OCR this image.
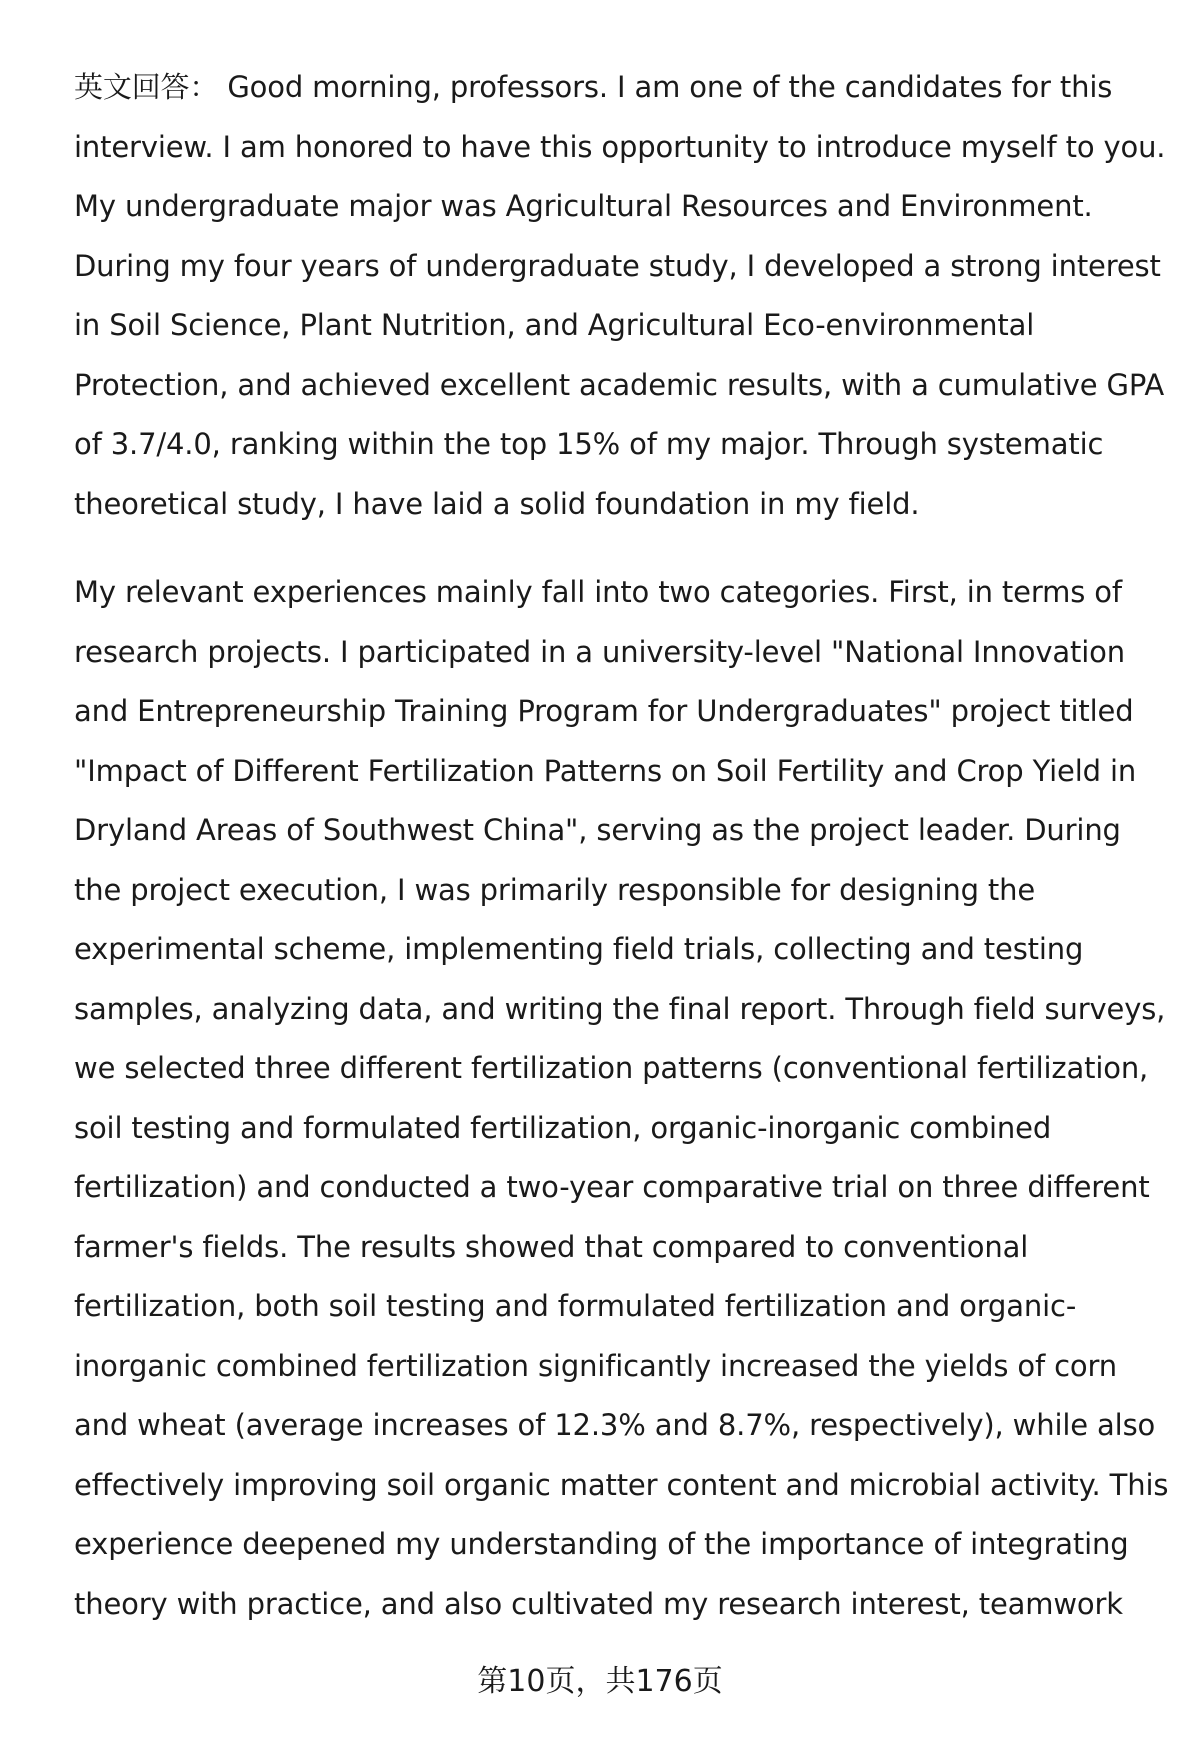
英文回答： Good morning, professors. I am one of the candidates for this
interview. I am honored to have this opportunity to introduce myself to you.
My undergraduate major was Agricultural Resources and Environment.
During my four years of undergraduate study, I developed a strong interest
in Soil Science, Plant Nutrition, and Agricultural Eco-environmental
Protection, and achieved excellent academic results, with a cumulative GPA
of 3.7/4.0, ranking within the top 15% of my major. Through systematic
theoretical study, I have laid a solid foundation in my field.
My relevant experiences mainly fall into two categories. First, in terms of
research projects. I participated in a university-level "National Innovation
and Entrepreneurship Training Program for Undergraduates" project titled
"Impact of Different Fertilization Patterns on Soil Fertility and Crop Yield in
Dryland Areas of Southwest China", serving as the project leader. During
the project execution, I was primarily responsible for designing the
experimental scheme, implementing field trials, collecting and testing
samples, analyzing data, and writing the final report. Through field surveys,
we selected three different fertilization patterns (conventional fertilization,
soil testing and formulated fertilization, organic-inorganic combined
fertilization) and conducted a two-year comparative trial on three different
farmer's fields. The results showed that compared to conventional
fertilization, both soil testing and formulated fertilization and organic-
inorganic combined fertilization significantly increased the yields of corn
and wheat (average increases of 12.3% and 8.7%, respectively), while also
effectively improving soil organic matter content and microbial activity. This
experience deepened my understanding of the importance of integrating
theory with practice, and also cultivated my research interest, teamwork
第10页，共176页
